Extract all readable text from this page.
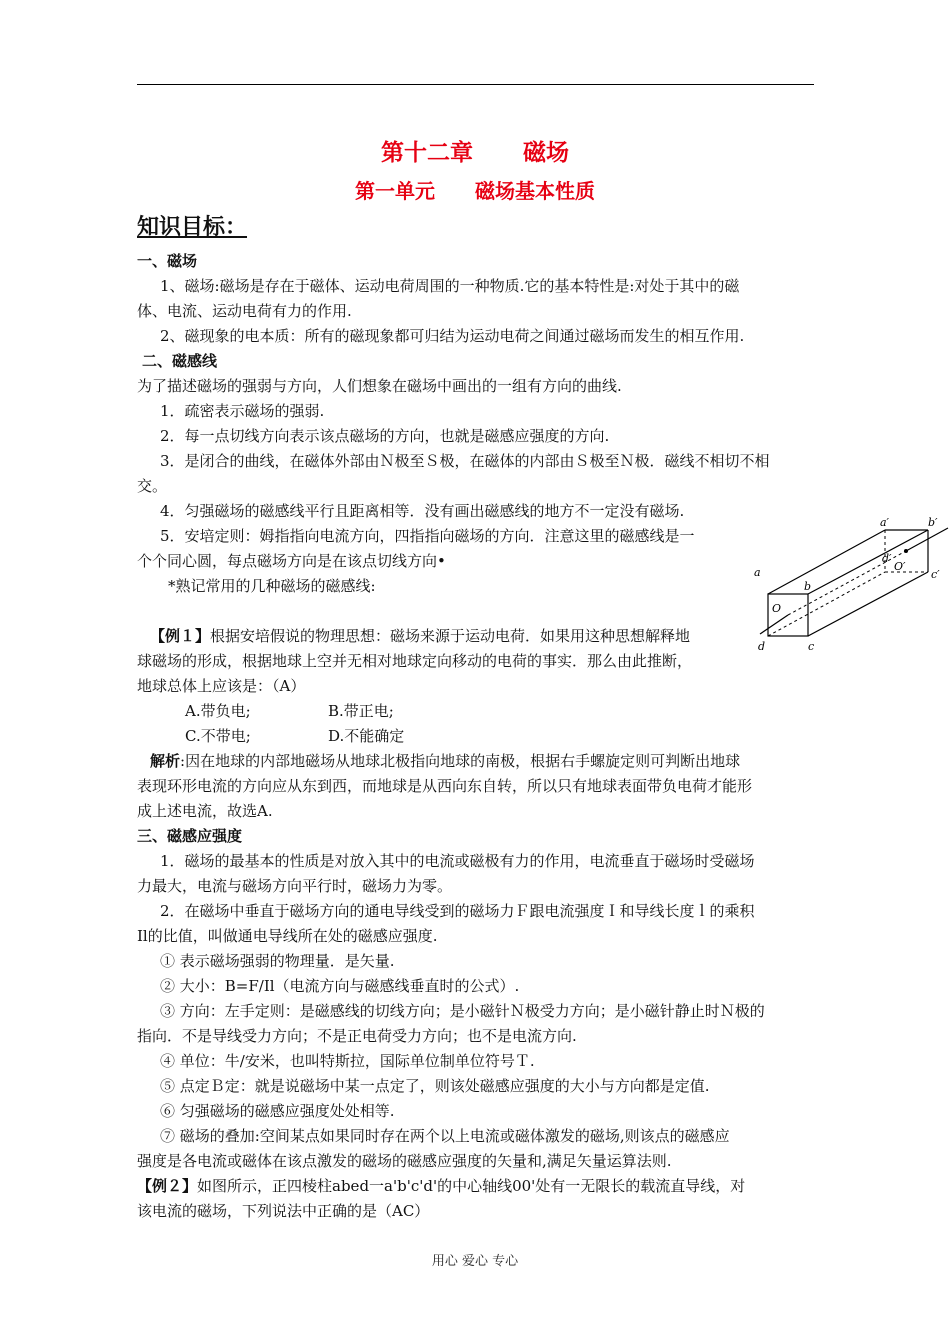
第十二章 磁场
第一单元 磁场基本性质
知识目标：
一、磁场
1、磁场:磁场是存在于磁体、运动电荷周围的一种物质.它的基本特性是:对处于其中的磁
体、电流、运动电荷有力的作用.
2、磁现象的电本质：所有的磁现象都可归结为运动电荷之间通过磁场而发生的相互作用.
二、磁感线
为了描述磁场的强弱与方向，人们想象在磁场中画出的一组有方向的曲线.
1．疏密表示磁场的强弱.
2．每一点切线方向表示该点磁场的方向，也就是磁感应强度的方向.
3．是闭合的曲线，在磁体外部由Ｎ极至Ｓ极，在磁体的内部由Ｓ极至Ｎ极．磁线不相切不相
交。
4．匀强磁场的磁感线平行且距离相等．没有画出磁感线的地方不一定没有磁场.
5．安培定则：姆指指向电流方向，四指指向磁场的方向．注意这里的磁感线是一
个个同心圆，每点磁场方向是在该点切线方向•
*熟记常用的几种磁场的磁感线:
【例１】根据安培假说的物理思想：磁场来源于运动电荷．如果用这种思想解释地
球磁场的形成，根据地球上空并无相对地球定向移动的电荷的事实．那么由此推断，
地球总体上应该是：（A）
A.带负电;	B.带正电;
C.不带电;	D.不能确定
解析:因在地球的内部地磁场从地球北极指向地球的南极，根据右手螺旋定则可判断出地球
表现环形电流的方向应从东到西，而地球是从西向东自转，所以只有地球表面带负电荷才能形
成上述电流，故选A.
三、磁感应强度
1．磁场的最基本的性质是对放入其中的电流或磁极有力的作用，电流垂直于磁场时受磁场
力最大，电流与磁场方向平行时，磁场力为零。
2．在磁场中垂直于磁场方向的通电导线受到的磁场力Ｆ跟电流强度Ｉ和导线长度ｌ的乘积
Il的比值，叫做通电导线所在处的磁感应强度.
① 表示磁场强弱的物理量．是矢量.
② 大小：B=F/Il（电流方向与磁感线垂直时的公式）.
③ 方向：左手定则：是磁感线的切线方向；是小磁针Ｎ极受力方向；是小磁针静止时Ｎ极的
指向．不是导线受力方向；不是正电荷受力方向；也不是电流方向.
④ 单位：牛/安米，也叫特斯拉，国际单位制单位符号Ｔ.
⑤ 点定Ｂ定：就是说磁场中某一点定了，则该处磁感应强度的大小与方向都是定值.
⑥ 匀强磁场的磁感应强度处处相等.
⑦ 磁场的叠加:空间某点如果同时存在两个以上电流或磁体激发的磁场,则该点的磁感应
强度是各电流或磁体在该点激发的磁场的磁感应强度的矢量和,满足矢量运算法则.
【例２】如图所示，正四棱柱abed一a'b'c'd'的中心轴线00'处有一无限长的载流直导线，对
该电流的磁场，下列说法中正确的是（AC）
a
b
c
d
a′	b′
c′
d′
O
O′
用心 爱心 专心
